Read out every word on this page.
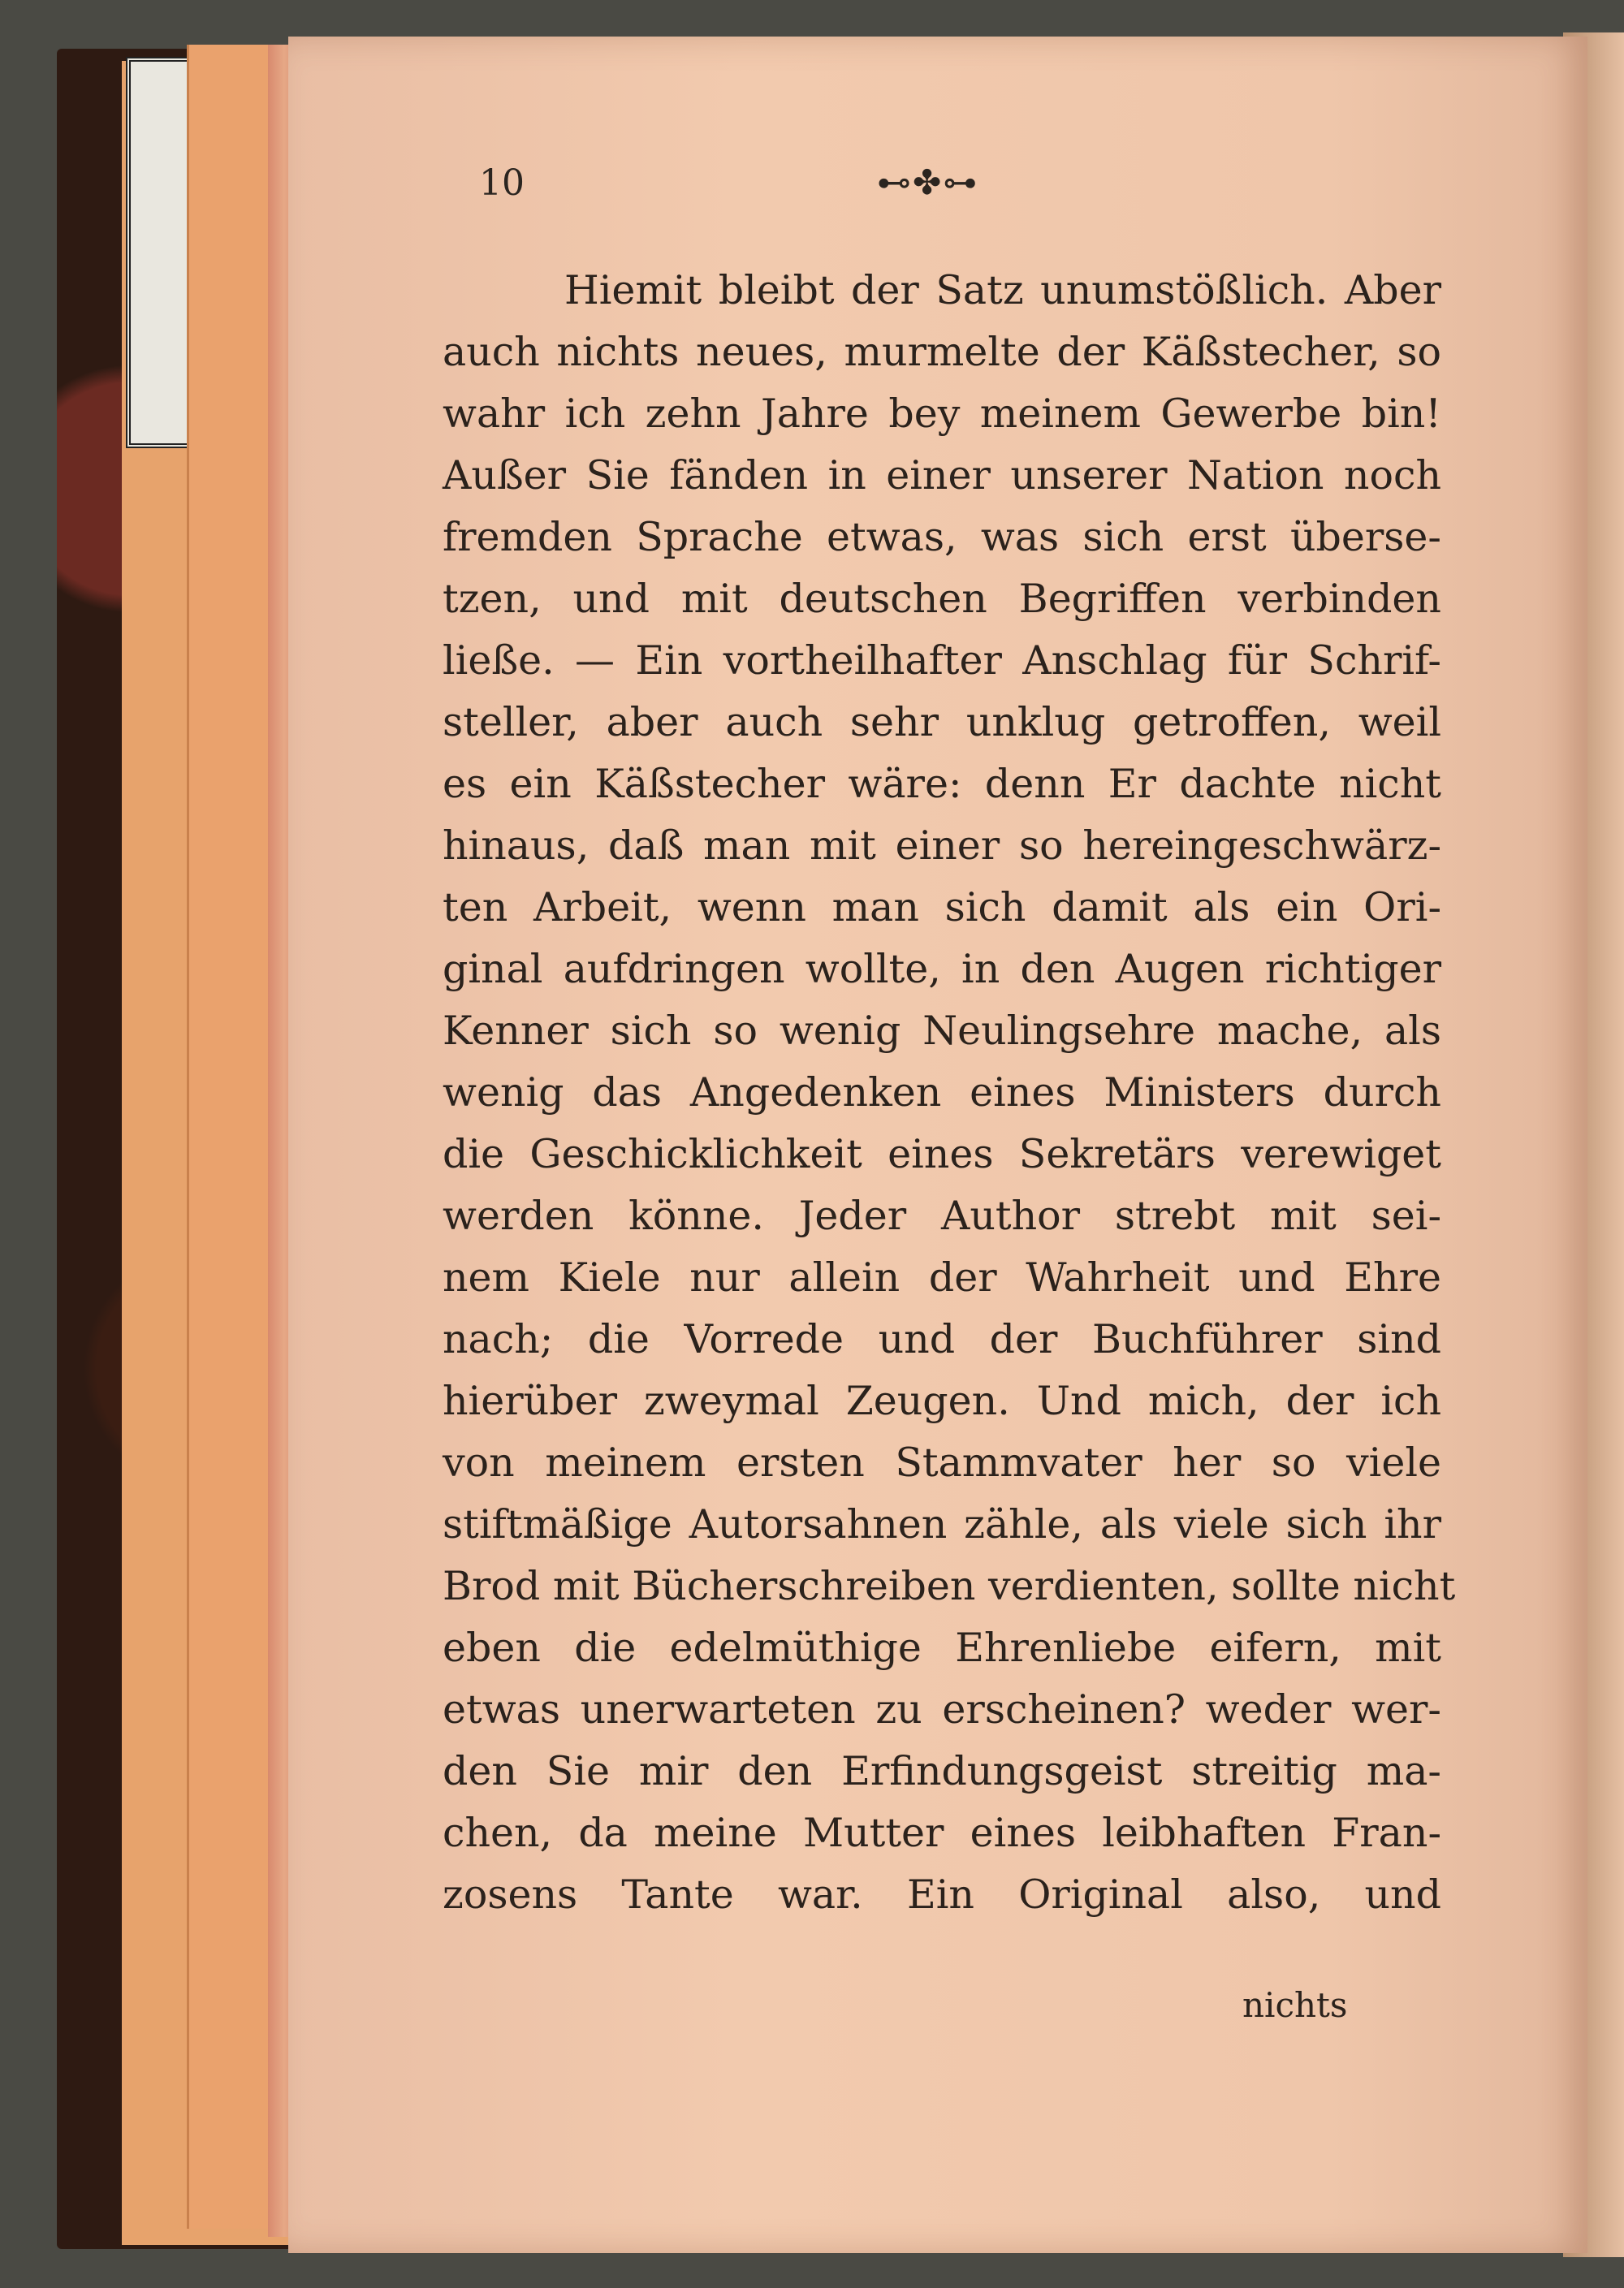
10	⊷✤⊶
Hiemit bleibt der Satz unumstößlich. Aber
auch nichts neues, murmelte der Käßstecher, so
wahr ich zehn Jahre bey meinem Gewerbe bin!
Außer Sie fänden in einer unserer Nation noch
fremden Sprache etwas, was sich erst überse-
tzen, und mit deutschen Begriffen verbinden
ließe. — Ein vortheilhafter Anschlag für Schrif-
steller, aber auch sehr unklug getroffen, weil
es ein Käßstecher wäre: denn Er dachte nicht
hinaus, daß man mit einer so hereingeschwärz-
ten Arbeit, wenn man sich damit als ein Ori-
ginal aufdringen wollte, in den Augen richtiger
Kenner sich so wenig Neulingsehre mache, als
wenig das Angedenken eines Ministers durch
die Geschicklichkeit eines Sekretärs verewiget
werden könne. Jeder Author strebt mit sei-
nem Kiele nur allein der Wahrheit und Ehre
nach; die Vorrede und der Buchführer sind
hierüber zweymal Zeugen. Und mich, der ich
von meinem ersten Stammvater her so viele
stiftmäßige Autorsahnen zähle, als viele sich ihr
Brod mit Bücherschreiben verdienten, sollte nicht
eben die edelmüthige Ehrenliebe eifern, mit
etwas unerwarteten zu erscheinen? weder wer-
den Sie mir den Erfindungsgeist streitig ma-
chen, da meine Mutter eines leibhaften Fran-
zosens Tante war. Ein Original also, und
nichts
